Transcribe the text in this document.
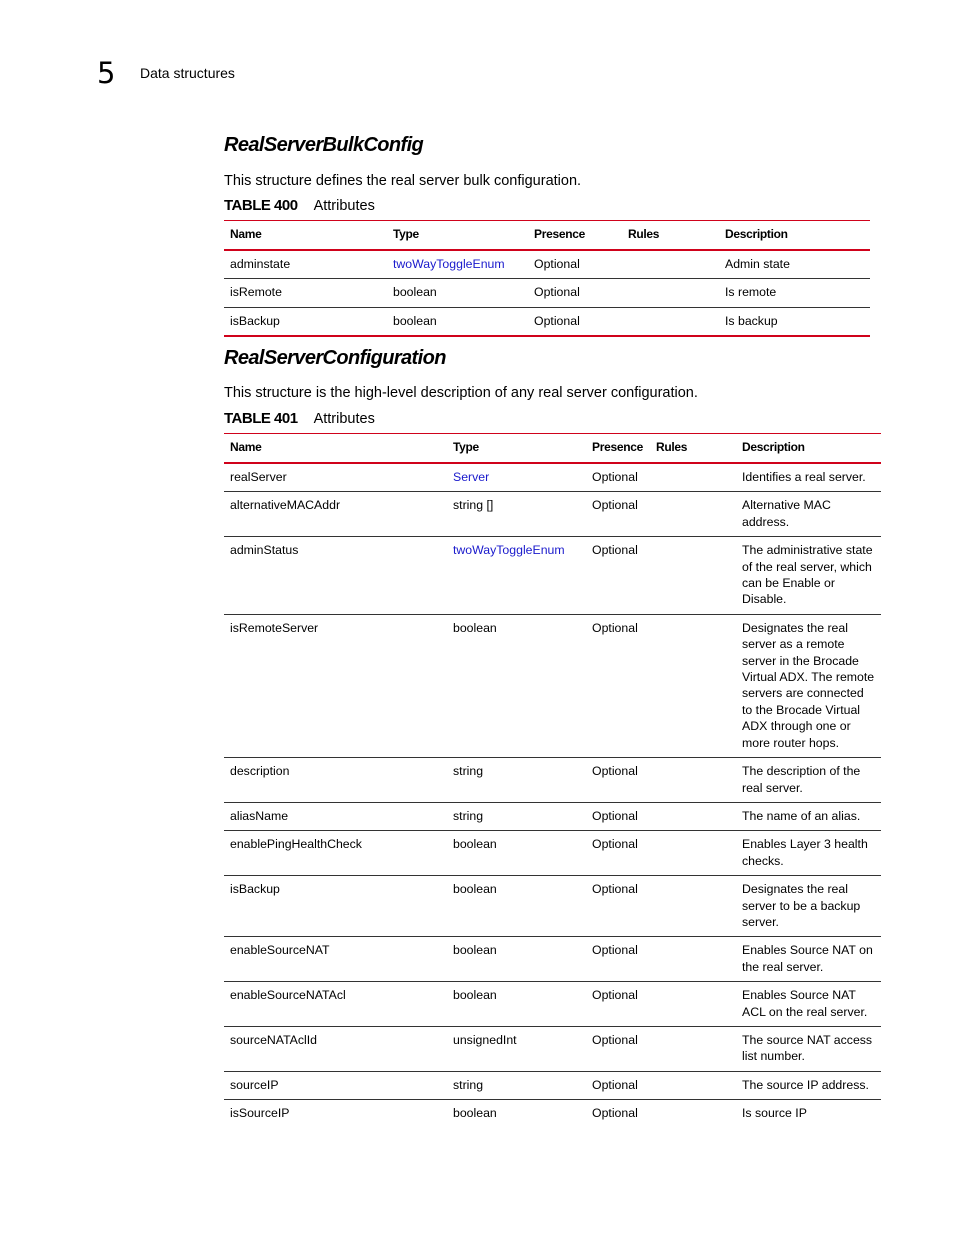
5 Data structures
RealServerBulkConfig
This structure defines the real server bulk configuration.
TABLE 400 Attributes
Name	Type	Presence	Rules	Description
adminstate	twoWayToggleEnum	Optional		Admin state
isRemote	boolean	Optional		Is remote
isBackup	boolean	Optional		Is backup
RealServerConfiguration
This structure is the high-level description of any real server configuration.
TABLE 401 Attributes
Name	Type	Presence	Rules	Description
realServer	Server	Optional		Identifies a real server.
alternativeMACAddr	string []	Optional		Alternative MAC address.
adminStatus	twoWayToggleEnum	Optional		The administrative state of the real server, which can be Enable or Disable.
isRemoteServer	boolean	Optional		Designates the real server as a remote server in the Brocade Virtual ADX. The remote servers are connected to the Brocade Virtual ADX through one or more router hops.
description	string	Optional		The description of the real server.
aliasName	string	Optional		The name of an alias.
enablePingHealthCheck	boolean	Optional		Enables Layer 3 health checks.
isBackup	boolean	Optional		Designates the real server to be a backup server.
enableSourceNAT	boolean	Optional		Enables Source NAT on the real server.
enableSourceNATAcl	boolean	Optional		Enables Source NAT ACL on the real server.
sourceNATAclId	unsignedInt	Optional		The source NAT access list number.
sourceIP	string	Optional		The source IP address.
isSourceIP	boolean	Optional		Is source IP
